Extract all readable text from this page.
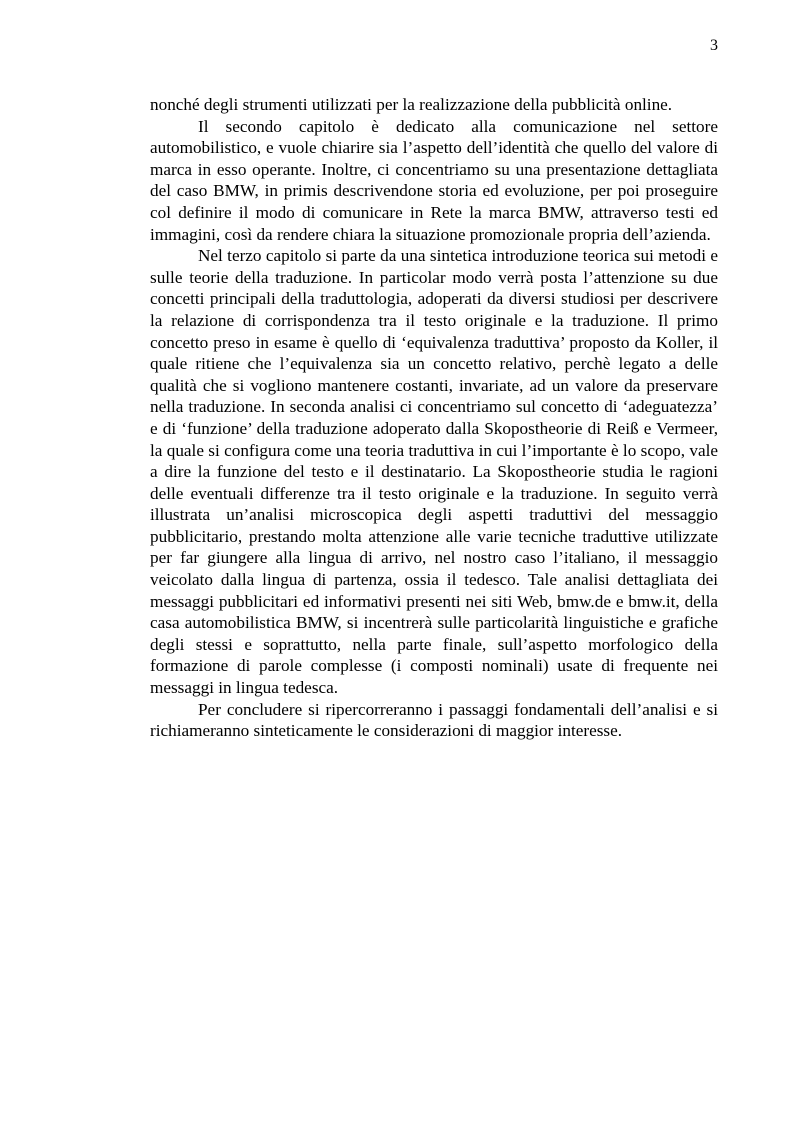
3

nonché degli strumenti utilizzati per la realizzazione della pubblicità online.

Il secondo capitolo è dedicato alla comunicazione nel settore automobilistico, e vuole chiarire sia l’aspetto dell’identità che quello del valore di marca in esso operante. Inoltre, ci concentriamo su una presentazione dettagliata del caso BMW, in primis descrivendone storia ed evoluzione, per poi proseguire col definire il modo di comunicare in Rete la marca BMW, attraverso testi ed immagini, così da rendere chiara la situazione promozionale propria dell’azienda.

Nel terzo capitolo si parte da una sintetica introduzione teorica sui metodi e sulle teorie della traduzione. In particolar modo verrà posta l’attenzione su due concetti principali della traduttologia, adoperati da diversi studiosi per descrivere la relazione di corrispondenza tra il testo originale e la traduzione. Il primo concetto preso in esame è quello di ‘equivalenza traduttiva’ proposto da Koller, il quale ritiene che l’equivalenza sia un concetto relativo, perchè legato a delle qualità che si vogliono mantenere costanti, invariate, ad un valore da preservare nella traduzione. In seconda analisi ci concentriamo sul concetto di ‘adeguatezza’ e di ‘funzione’ della traduzione adoperato dalla Skopostheorie di Reiß e Vermeer, la quale si configura come una teoria traduttiva in cui l’importante è lo scopo, vale a dire la funzione del testo e il destinatario. La Skopostheorie studia le ragioni delle eventuali differenze tra il testo originale e la traduzione. In seguito verrà illustrata un’analisi microscopica degli aspetti traduttivi del messaggio pubblicitario, prestando molta attenzione alle varie tecniche traduttive utilizzate per far giungere alla lingua di arrivo, nel nostro caso l’italiano, il messaggio veicolato dalla lingua di partenza, ossia il tedesco. Tale analisi dettagliata dei messaggi pubblicitari ed informativi presenti nei siti Web, bmw.de e bmw.it, della casa automobilistica BMW, si incentrerà sulle particolarità linguistiche e grafiche degli stessi e soprattutto, nella parte finale, sull’aspetto morfologico della formazione di parole complesse (i composti nominali) usate di frequente nei messaggi in lingua tedesca.

Per concludere si ripercorreranno i passaggi fondamentali dell’analisi e si richiameranno sinteticamente le considerazioni di maggior interesse.
